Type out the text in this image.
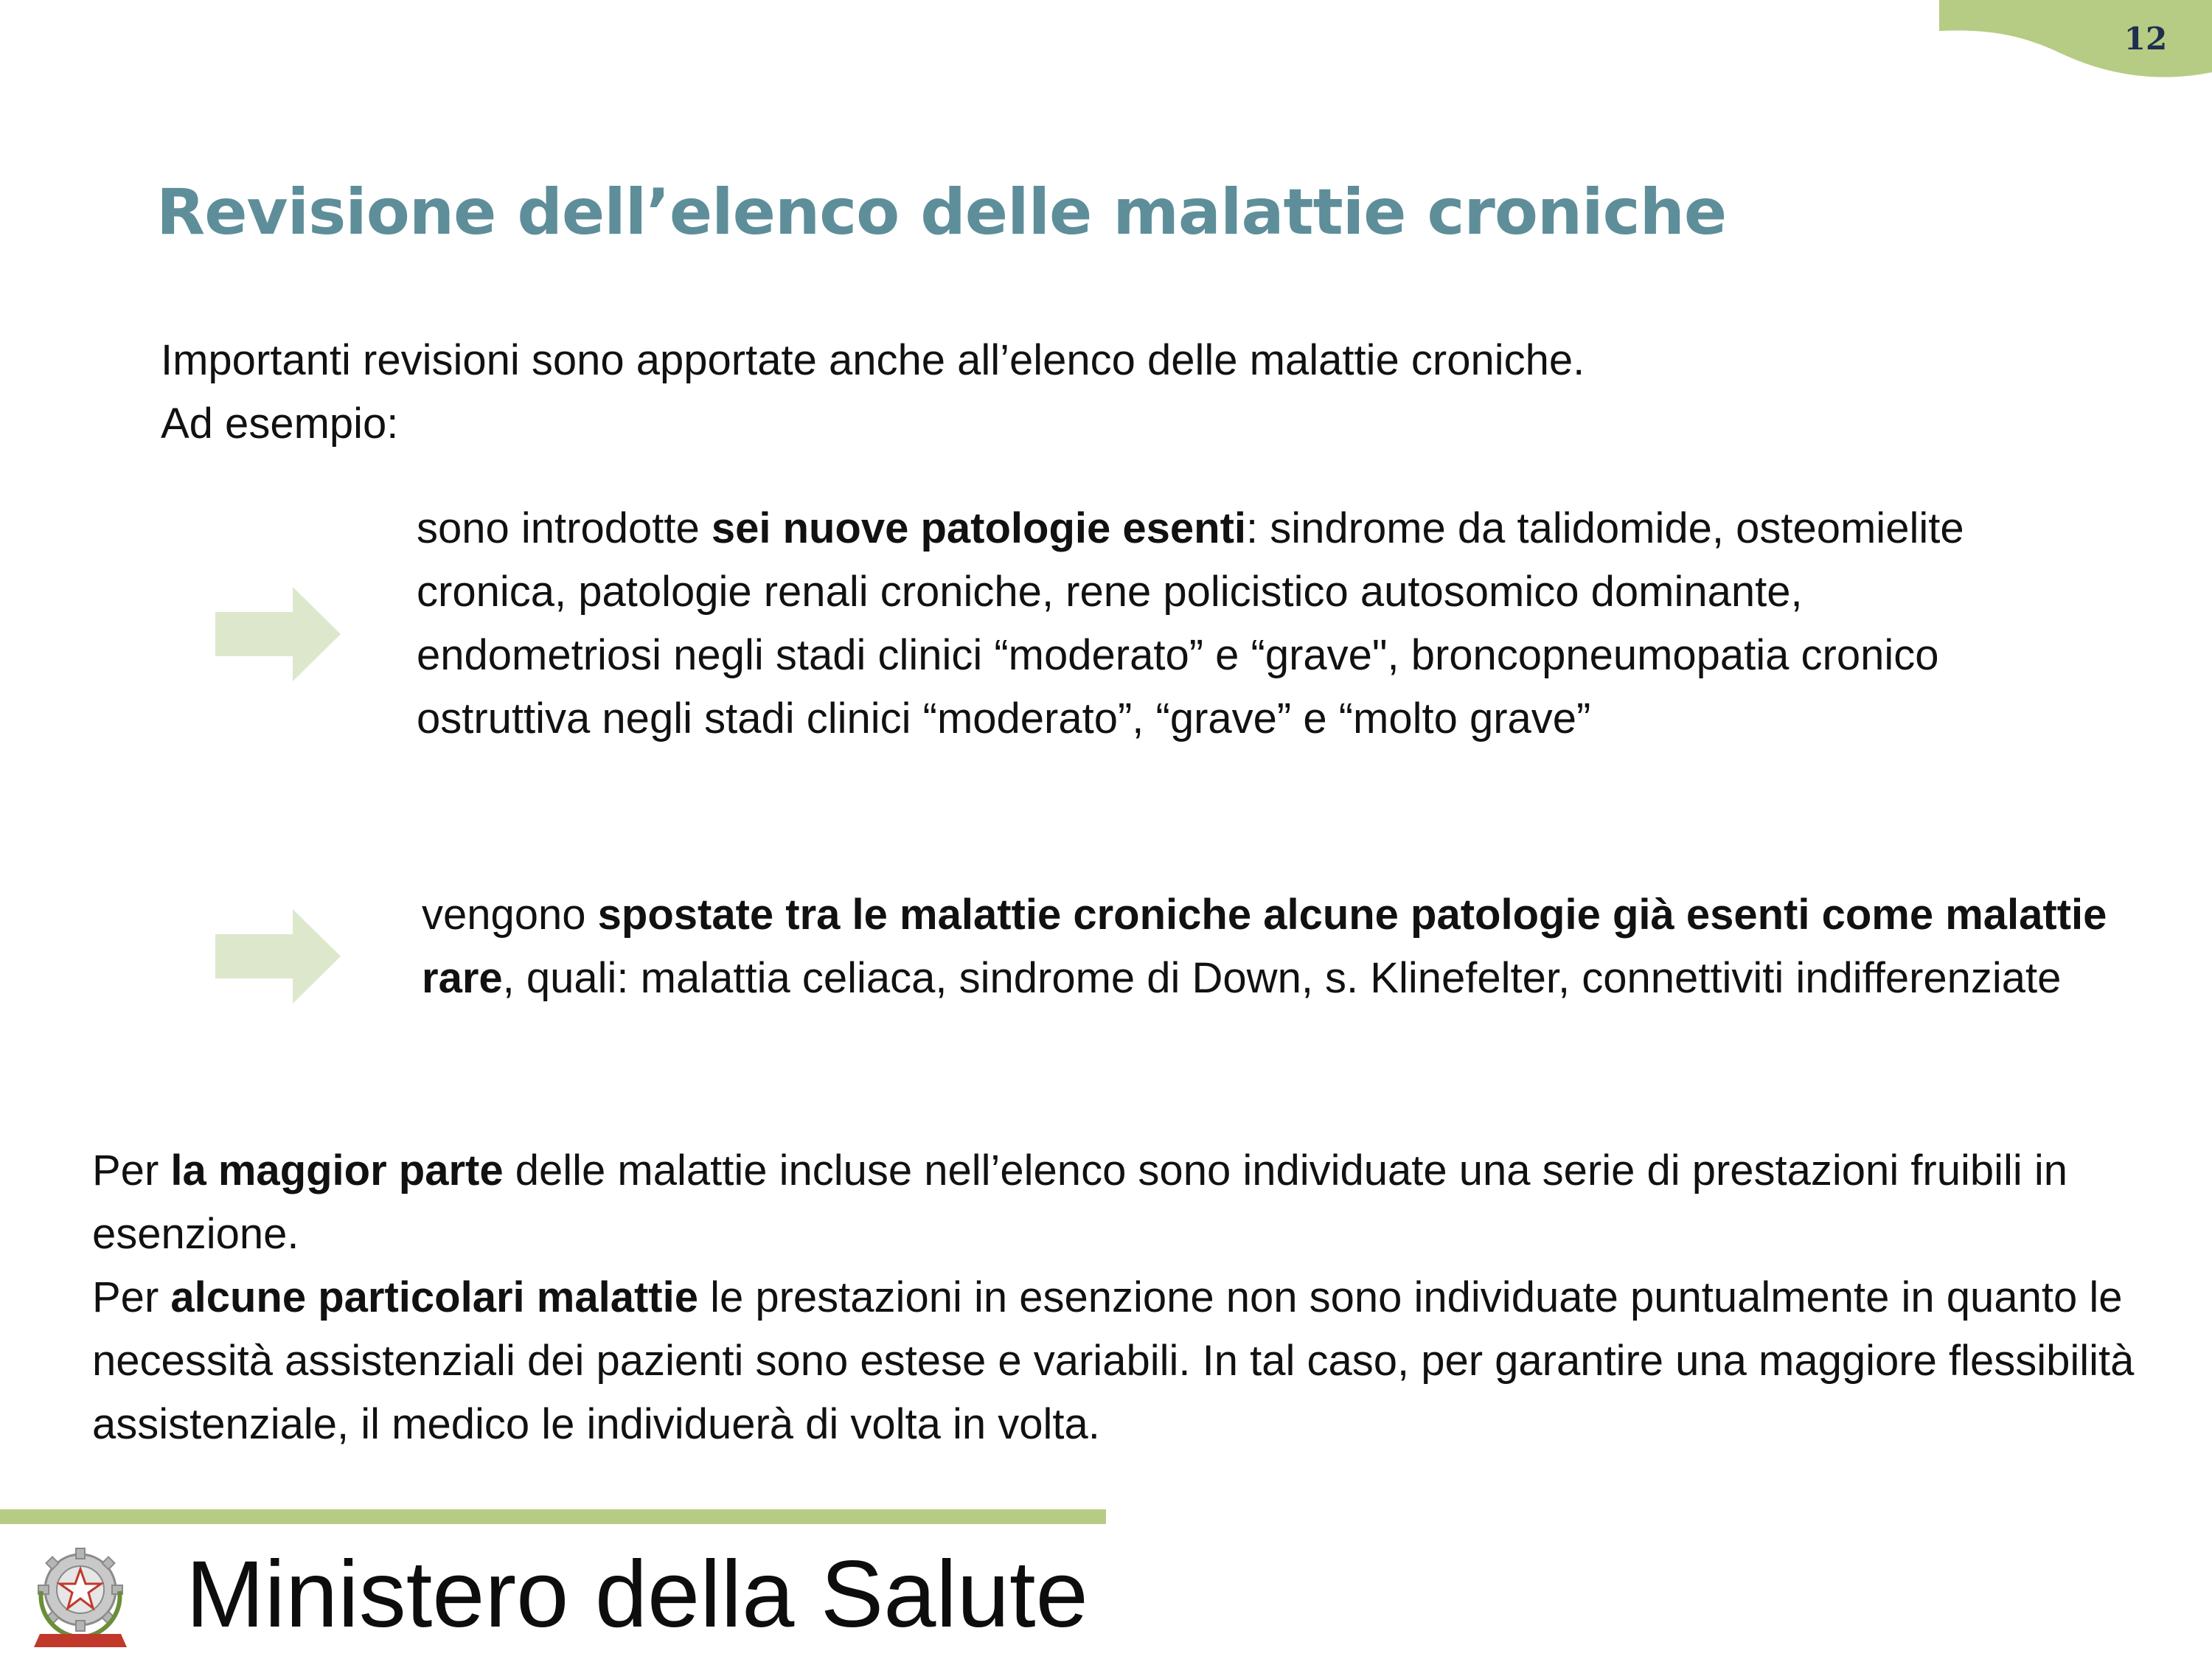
12
Revisione dell’elenco delle malattie croniche
Importanti revisioni sono apportate anche all’elenco delle malattie croniche.
Ad esempio:
sono introdotte sei nuove patologie esenti: sindrome da talidomide, osteomielite cronica, patologie renali croniche, rene policistico autosomico dominante, endometriosi negli stadi clinici “moderato” e “grave", broncopneumopatia cronico ostruttiva negli stadi clinici “moderato”, “grave” e “molto grave”
vengono spostate tra le malattie croniche alcune patologie già esenti come malattie rare, quali: malattia celiaca, sindrome di Down, s. Klinefelter, connettiviti indifferenziate

Per la maggior parte delle malattie incluse nell’elenco sono individuate una serie di prestazioni fruibili in esenzione.

Per alcune particolari malattie le prestazioni in esenzione non sono individuate puntualmente in quanto le necessità assistenziali dei pazienti sono estese e variabili. In tal caso, per garantire una maggiore flessibilità assistenziale, il medico le individuerà di volta in volta.

Ministero della Salute
